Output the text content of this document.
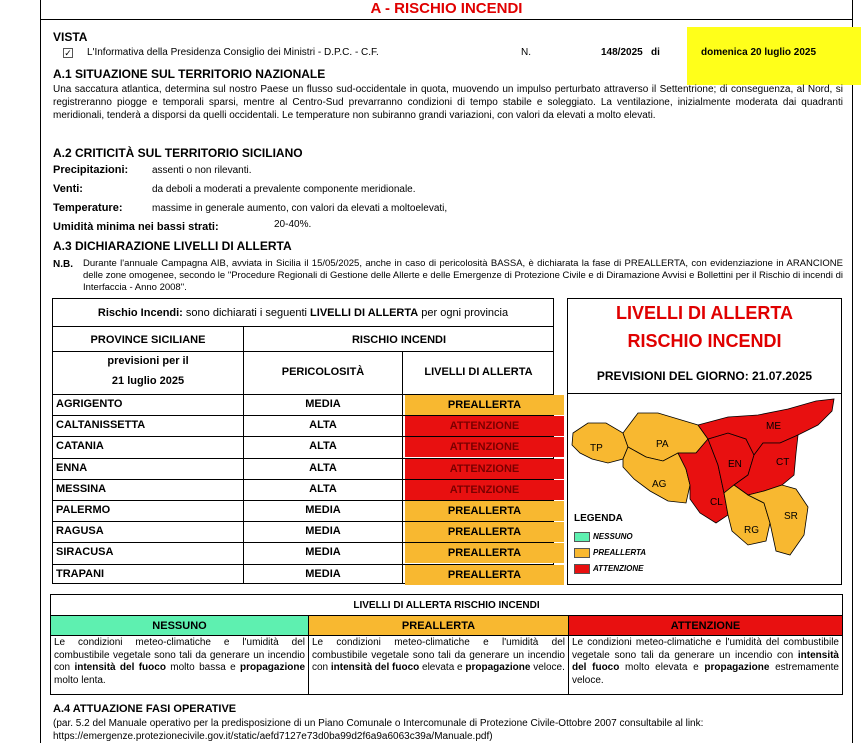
A - RISCHIO INCENDI
VISTA
✓ L'Informativa della Presidenza Consiglio dei Ministri - D.P.C. - C.F.	N.	148/2025 di	domenica 20 luglio 2025
A.1 SITUAZIONE SUL TERRITORIO NAZIONALE
Una saccatura atlantica, determina sul nostro Paese un flusso sud-occidentale in quota, muovendo un impulso perturbato attraverso il Settentrione; di conseguenza, al Nord, si registreranno piogge e temporali sparsi, mentre al Centro-Sud prevarranno condizioni di tempo stabile e soleggiato. La ventilazione, inizialmente moderata dai quadranti meridionali, tenderà a disporsi da quelli occidentali. Le temperature non subiranno grandi variazioni, con valori da elevati a molto elevati.
A.2 CRITICITÀ SUL TERRITORIO SICILIANO
Precipitazioni: assenti o non rilevanti.
Venti:	da deboli a moderati a prevalente componente meridionale.
Temperature:	massime in generale aumento, con valori da elevati a moltoelevati,
Umidità minima nei bassi strati:	20-40%.
A.3 DICHIARAZIONE LIVELLI DI ALLERTA
N.B. Durante l'annuale Campagna AIB, avviata in Sicilia il 15/05/2025, anche in caso di pericolosità BASSA, è dichiarata la fase di PREALLERTA, con evidenziazione in ARANCIONE delle zone omogenee, secondo le "Procedure Regionali di Gestione delle Allerte e delle Emergenze di Protezione Civile e di Diramazione Avvisi e Bollettini per il Rischio di incendi di Interfaccia - Anno 2008".
Rischio Incendi: sono dichiarati i seguenti LIVELLI DI ALLERTA per ogni provincia
PROVINCE SICILIANE	RISCHIO INCENDI
previsioni per il
21 luglio 2025
PERICOLOSITÀ	LIVELLI DI ALLERTA
AGRIGENTO	MEDIA	PREALLERTA
CALTANISSETTA	ALTA	ATTENZIONE
CATANIA	ALTA	ATTENZIONE
ENNA	ALTA	ATTENZIONE
MESSINA	ALTA	ATTENZIONE
PALERMO	MEDIA	PREALLERTA
RAGUSA	MEDIA	PREALLERTA
SIRACUSA	MEDIA	PREALLERTA
TRAPANI	MEDIA	PREALLERTA
LIVELLI DI ALLERTA
RISCHIO INCENDI
PREVISIONI DEL GIORNO: 21.07.2025
TP	PA
AG
CL
EN	CT
ME
RG
SR
LEGENDA
NESSUNO
PREALLERTA
ATTENZIONE
LIVELLI DI ALLERTA RISCHIO INCENDI
NESSUNO	PREALLERTA	ATTENZIONE
Le condizioni meteo-climatiche e l'umidità del combustibile vegetale sono tali da generare un incendio con intensità del fuoco molto bassa e propagazione molto lenta.
Le condizioni meteo-climatiche e l'umidità del combustibile vegetale sono tali da generare un incendio con intensità del fuoco elevata e propagazione veloce.
Le condizioni meteo-climatiche e l'umidità del combustibile vegetale sono tali da generare un incendio con intensità del fuoco molto elevata e propagazione estremamente veloce.
A.4 ATTUAZIONE FASI OPERATIVE
(par. 5.2 del Manuale operativo per la predisposizione di un Piano Comunale o Intercomunale di Protezione Civile-Ottobre 2007 consultabile al link:
https://emergenze.protezionecivile.gov.it/static/aefd7127e73d0ba99d2f6a9a6063c39a/Manuale.pdf)
